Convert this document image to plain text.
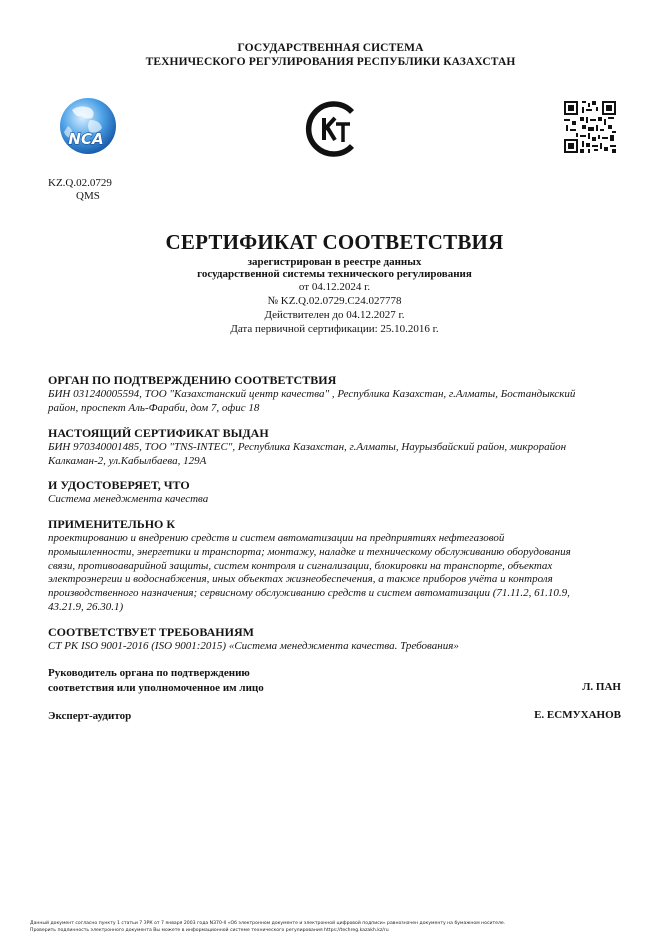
ГОСУДАРСТВЕННАЯ СИСТЕМА
ТЕХНИЧЕСКОГО РЕГУЛИРОВАНИЯ РЕСПУБЛИКИ КАЗАХСТАН
NCA
KZ.Q.02.0729
QMS
СЕРТИФИКАТ СООТВЕТСТВИЯ
зарегистрирован в реестре данных
государственной системы технического регулирования
от 04.12.2024 г.
№ KZ.Q.02.0729.С24.027778
Действителен до 04.12.2027 г.
Дата первичной сертификации: 25.10.2016 г.
ОРГАН ПО ПОДТВЕРЖДЕНИЮ СООТВЕТСТВИЯ
БИН 031240005594, ТОО "Казахстанский центр качества" , Республика Казахстан, г.Алматы, Бостандыкский
район, проспект Аль-Фараби, дом 7, офис 18
НАСТОЯЩИЙ СЕРТИФИКАТ ВЫДАН
БИН 970340001485, ТОО "TNS-INTEC", Республика Казахстан, г.Алматы, Наурызбайский район, микрорайон
Калкаман-2, ул.Кабылбаева, 129А
И УДОСТОВЕРЯЕТ, ЧТО
Система менеджмента качества
ПРИМЕНИТЕЛЬНО К
проектированию и внедрению средств и систем автоматизации на предприятиях нефтегазовой
промышленности, энергетики и транспорта; монтажу, наладке и техническому обслуживанию оборудования
связи, противоаварийной защиты, систем контроля и сигнализации, блокировки на транспорте, объектах
электроэнергии и водоснабжения, иных объектах жизнеобеспечения, а также приборов учёта и контроля
производственного назначения; сервисному обслуживанию средств и систем автоматизации (71.11.2, 61.10.9,
43.21.9, 26.30.1)
СООТВЕТСТВУЕТ ТРЕБОВАНИЯМ
СТ РК ISO 9001-2016 (ISO 9001:2015) «Система менеджмента качества. Требования»
Руководитель органа по подтверждению
соответствия или уполномоченное им лицо	Л. ПАН
Эксперт-аудитор	Е. ЕСМУХАНОВ
Данный документ согласно пункту 1 статьи 7 ЗРК от 7 января 2003 года N370-II «Об электронном документе и электронной цифровой подписи» равнозначен документу на бумажном носителе.
Проверить подлинность электронного документа Вы можете в информационной системе технического регулирования https://techreg.kazakh.kz/ru
